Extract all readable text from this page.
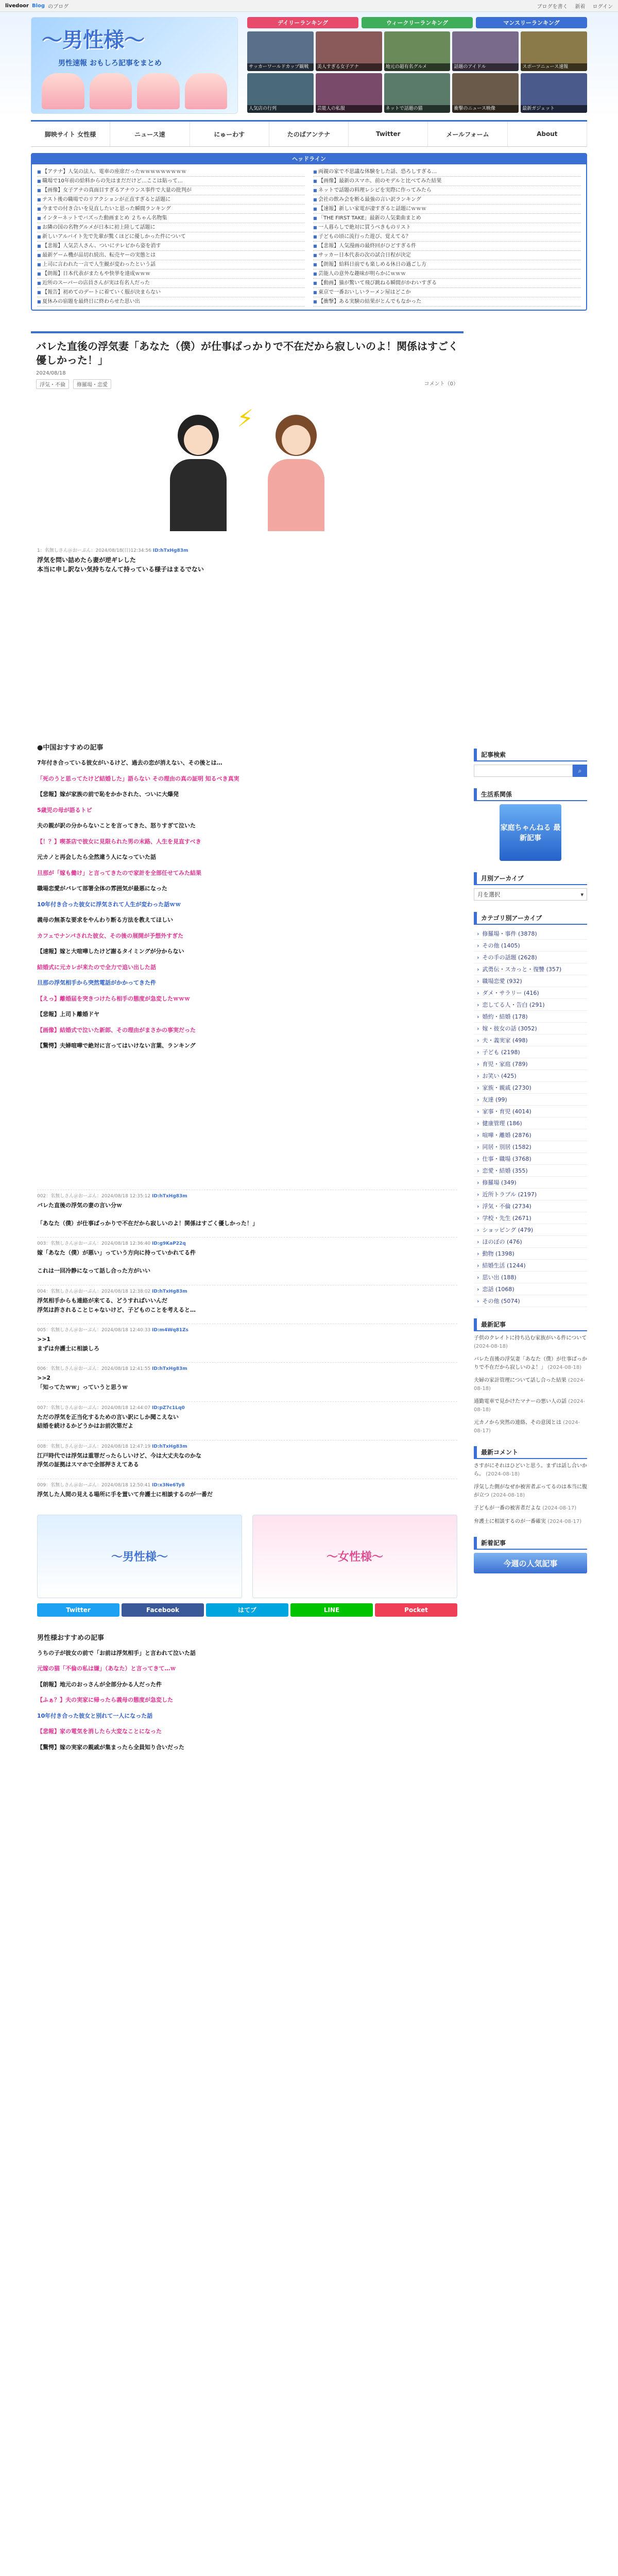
livedoor Blog のブログ	ブログを書く 新着 ログイン
～男性様～
男性速報 おもしろ記事をまとめ
デイリーランキング	ウィークリーランキング	マンスリーランキング
サッカーワールドカップ観戦	美人すぎる女子アナ	地元の超有名グルメ	話題のアイドル	スポーツニュース速報
人気店の行列	芸能人の私服	ネットで話題の猫	衝撃のニュース映像	最新ガジェット
脚映サイト 女性様	ニュース速	にゅーわす	たのばアンテナ	Twitter	メールフォーム	About
ヘッドライン
■ 【アテナ】人気の法人、電車の座席だったｗｗｗｗｗｗｗｗｗ
■ 職場で10年前の給料からの先はまだだけど…ここは貼って…
■ 【画像】女子アナの真面目すぎるアナウンス事件で大量の批判が
■ テスト後の職場でのリアクションが正直すぎると話題に
■ 今までの付き合いを見直したいと思った瞬間ランキング
■ インターネットでバズった動画まとめ ２ちゃん名物集
■ お隣の国の名物グルメが日本に初上陸して話題に
■ 新しいアルバイト先で先輩が驚くほどに優しかった件について
■ 【悲報】人気芸人さん、ついにテレビから姿を消す
■ 最新ゲーム機が品切れ続出、転売ヤーの実態とは
■ 上司に言われた一言で人生観が変わったという話
■ 【朗報】日本代表がまたもや快挙を達成ｗｗｗ
■ 近所のスーパーの店員さんが実は有名人だった
■ 【報告】初めてのデートに着ていく服が決まらない
■ 夏休みの宿題を最終日に終わらせた思い出
■ 両親の家で不思議な体験をした話、恐ろしすぎる…
■ 【画像】最新のスマホ、前のモデルと比べてみた結果
■ ネットで話題の料理レシピを実際に作ってみたら
■ 会社の飲み会を断る最強の言い訳ランキング
■ 【速報】新しい家電が凄すぎると話題にｗｗｗ
■ 「THE FIRST TAKE」最新の人気楽曲まとめ
■ 一人暮らしで絶対に買うべきものリスト
■ 子どもの頃に流行った遊び、覚えてる？
■ 【悲報】人気漫画の最終回がひどすぎる件
■ サッカー日本代表の次の試合日程が決定
■ 【朗報】給料日前でも楽しめる休日の過ごし方
■ 芸能人の意外な趣味が明らかにｗｗｗ
■ 【動画】猫が驚いて飛び跳ねる瞬間がかわいすぎる
■ 東京で一番おいしいラーメン屋はどこか
■ 【衝撃】ある実験の結果がとんでもなかった
バレた直後の浮気妻「あなた（僕）が仕事ばっかりで不在だから寂しいのよ！関係はすごく優しかった！」
2024/08/18
浮気・不倫	修羅場・恋愛	コメント（0）
⚡
1：名無しさん＠おーぷん：2024/08/18(日)12:34:56 ID:hTxHg83m
浮気を問い詰めたら妻が逆ギレした
本当に申し訳ない気持ちなんて持っている様子はまるでない
●中国おすすめの記事
7年付き合っている彼女がいるけど、過去の恋が消えない、その後とは…
「死のうと思ってたけど結婚した」語らない その理由の真の証明 知るべき真実
【悲報】嫁が家族の前で恥をかかされた、ついに大爆発
5歳児の母が語るトピ
夫の親が訳の分からないことを言ってきた、怒りすぎて泣いた
【！？】喫茶店で彼女に見限られた男の末路、人生を見直すべき
元カノと再会したら全然違う人になっていた話
旦那が「嫁も働け」と言ってきたので家計を全部任せてみた結果
職場恋愛がバレて部署全体の雰囲気が最悪になった
10年付き合った彼女に浮気されて人生が変わった話ｗｗ
義母の無茶な要求をやんわり断る方法を教えてほしい
カフェでナンパされた彼女、その後の展開が予想外すぎた
【速報】嫁と大喧嘩したけど謝るタイミングが分からない
結婚式に元カレが来たので全力で追い出した話
旦那の浮気相手から突然電話がかかってきた件
【えっ】離婚届を突きつけたら相手の態度が急変したｗｗｗ
【悲報】上司ト離婚ドヤ
【画像】結婚式で泣いた新郎、その理由がまさかの事実だった
【驚愕】夫婦喧嘩で絶対に言ってはいけない言葉、ランキング
002：名無しさん＠おーぷん：2024/08/18 12:35:12 ID:hTxHg83m
バレた直後の浮気の妻の言い分ｗ

「あなた（僕）が仕事ばっかりで不在だから寂しいのよ！関係はすごく優しかった！」
003：名無しさん＠おーぷん：2024/08/18 12:36:40 ID:g9KaP22q
嫁「あなた（僕）が悪い」っていう方向に持っていかれてる件

これは一回冷静になって話し合った方がいい
004：名無しさん＠おーぷん：2024/08/18 12:38:02 ID:hTxHg83m
浮気相手からも連絡が来てる、どうすればいいんだ
浮気は許されることじゃないけど、子どものことを考えると…
005：名無しさん＠おーぷん：2024/08/18 12:40:33 ID:m4Wq81Zs
>>1
まずは弁護士に相談しろ
006：名無しさん＠おーぷん：2024/08/18 12:41:55 ID:hTxHg83m
>>2
「知ってたｗｗ」っていうと思うｗ
007：名無しさん＠おーぷん：2024/08/18 12:44:07 ID:pZ7c1Lq0
ただの浮気を正当化するための言い訳にしか聞こえない
結婚を続けるかどうかはお前次第だよ
008：名無しさん＠おーぷん：2024/08/18 12:47:19 ID:hTxHg83m
江戸時代では浮気は重罪だったらしいけど、今は大丈夫なのかな
浮気の証拠はスマホで全部押さえてある
009：名無しさん＠おーぷん：2024/08/18 12:50:41 ID:x3Ne6Ty8
浮気した人間の見える場所に手を置いて弁護士に相談するのが一番だ
～男性様～	～女性様～
Twitter	Facebook	はてブ	LINE	Pocket
男性様おすすめの記事
うちの子が彼女の前で「お前は浮気相手」と言われて泣いた話
元嫁の猫「不倫の私は嫌」（あなた）と言ってきて…ｗ
【朗報】地元のおっさんが全部分かる人だった件
【ふぁ？】夫の実家に帰ったら義母の態度が急変した
10年付き合った彼女と別れて一人になった話
【悲報】家の電気を消したら大変なことになった
【驚愕】嫁の実家の親戚が集まったら全員知り合いだった
記事検索
⌕
生活系関係
家庭ちゃんねる 最新記事
月別アーカイブ
月を選択	▾
カテゴリ別アーカイブ
› 修羅場・事件 (3878)
› その他 (1405)
› その手の話題 (2628)
› 武勇伝・スカっと・復讐 (357)
› 職場恋愛 (932)
› ダメ・サラリー (416)
› 恋してる人・告白 (291)
› 婚約・結婚 (178)
› 嫁・彼女の話 (3052)
› 夫・義実家 (498)
› 子ども (2198)
› 育児・家庭 (789)
› お笑い (425)
› 家族・親戚 (2730)
› 友達 (99)
› 家事・育児 (4014)
› 健康管理 (186)
› 喧嘩・離婚 (2876)
› 同居・別居 (1582)
› 仕事・職場 (3768)
› 恋愛・結婚 (355)
› 修羅場 (349)
› 近所トラブル (2197)
› 浮気・不倫 (2734)
› 学校・先生 (2671)
› ショッピング (479)
› ほのぼの (476)
› 動物 (1398)
› 結婚生活 (1244)
› 思い出 (188)
› 恋話 (1068)
› その他 (5074)
最新記事
子供のクレイトに持ち込む家族がいる件について (2024-08-18)
バレた直後の浮気妻「あなた（僕）が仕事ばっかりで不在だから寂しいのよ！」 (2024-08-18)
夫婦の家計管理について話し合った結果 (2024-08-18)
通勤電車で見かけたマナーの悪い人の話 (2024-08-18)
元カノから突然の連絡、その意図とは (2024-08-17)
最新コメント
さすがにそれはひどいと思う。まずは話し合いから。 (2024-08-18)
浮気した側がなぜか被害者ぶってるのは本当に腹が立つ (2024-08-18)
子どもが一番の被害者だよな (2024-08-17)
弁護士に相談するのが一番確実 (2024-08-17)
新着記事
今週の人気記事
